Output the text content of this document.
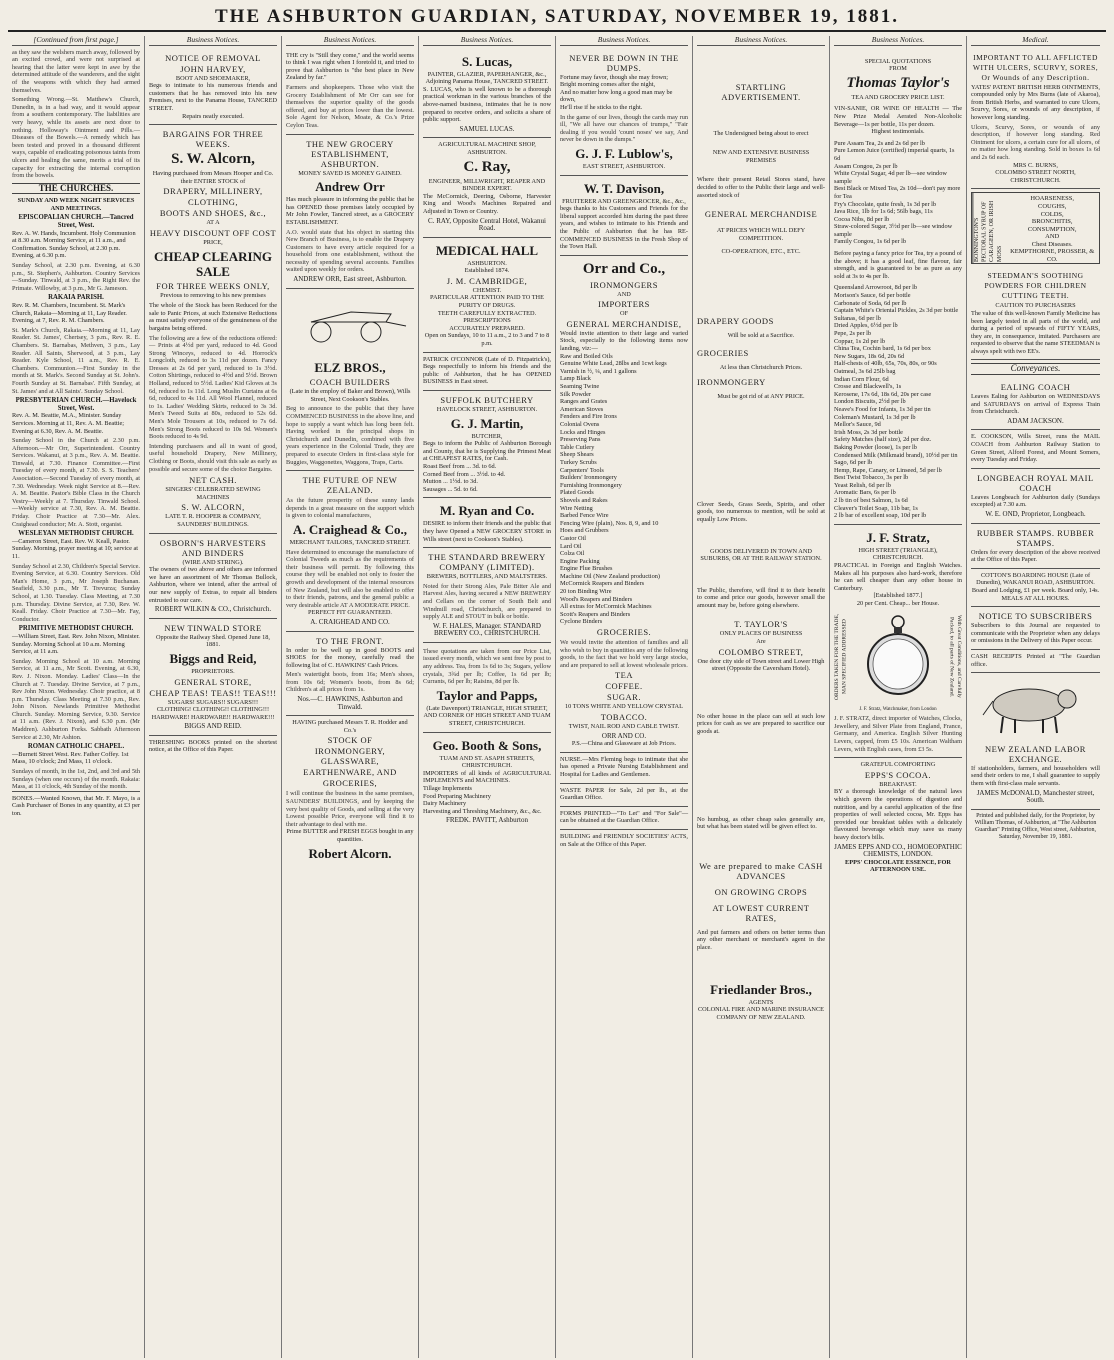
THE ASHBURTON GUARDIAN, SATURDAY, NOVEMBER 19, 1881.
[Continued from first page.]
as they saw the welshers march away, followed by an excited crowd, and were not surprised at hearing that the latter were kept in awe by the determined attitude of the wanderers, and the sight of the weapons with which they had armed themselves.
Something Wrong.—St. Matthew's Church, Dunedin, is in a bad way, and it would appear from a southern contemporary. The liabilities are very heavy, while its assets are next door to nothing. Holloway's Ointment and Pills.—Diseases of the Bowels.—A remedy which has been tested and proved in a thousand different ways, capable of eradicating poisonous taints from ulcers and healing the same, merits a trial of its capacity for extracting the internal corruption from the bowels.
THE CHURCHES.
SUNDAY AND WEEK NIGHT SERVICES AND MEETINGS.
EPISCOPALIAN CHURCH.—Tancred Street, West.
Rev. A. W. Hands, Incumbent. Holy Communion at 8.30 a.m. Morning Service, at 11 a.m., and Confirmation. Sunday School, at 2.30 p.m. Evening, at 6.30 p.m.
Sunday School, at 2.30 p.m. Evening, at 6.30 p.m., St. Stephen's, Ashburton. Country Services—Sunday. Tinwald, at 3 p.m., the Right Rev. the Primate. Willowby, at 3 p.m., Mr G. Jameson.
RAKAIA PARISH.
Rev. R. M. Chambers, Incumbent. St. Mark's Church, Rakaia—Morning at 11, Lay Reader. Evening, at 7, Rev. R. M. Chambers.
St. Mark's Church, Rakaia.—Morning at 11, Lay Reader. St. James', Chertsey, 3 p.m., Rev. R. E. Chambers. St. Barnabas, Methven, 3 p.m., Lay Reader. All Saints, Sherwood, at 3 p.m., Lay Reader. Kyle School, 11 a.m., Rev. R. E. Chambers. Communion.—First Sunday in the month at St. Mark's. Second Sunday at St. John's. Fourth Sunday at St. Barnabas'. Fifth Sunday, at St. James' and at All Saints'. Sunday School.
PRESBYTERIAN CHURCH.—Havelock Street, West.
Rev. A. M. Beattie, M.A., Minister. Sunday Services. Morning at 11, Rev. A. M. Beattie; Evening at 6.30, Rev. A. M. Beattie.
Sunday School in the Church at 2.30 p.m. Afternoon.—Mr Orr, Superintendent. Country Services. Wakanui, at 3 p.m., Rev. A. M. Beattie. Tinwald, at 7.30. Finance Committee.—First Tuesday of every month, at 7.30. S. S. Teachers' Association.—Second Tuesday of every month, at 7.30. Wednesday. Week night Service at 8.—Rev. A. M. Beattie. Pastor's Bible Class in the Church Vestry—Weekly at 7. Thursday. Tinwald School.—Weekly service at 7.30, Rev. A. M. Beattie. Friday. Choir Practice at 7.30—Mr. Alex. Craighead conductor; Mr. A. Stott, organist.
WESLEYAN METHODIST CHURCH.
—Cameron Street, East. Rev. W. Keall, Pastor. Sunday. Morning, prayer meeting at 10; service at 11.
Sunday School at 2.30, Children's Special Service. Evening Service, at 6.30. Country Services. Old Man's Home, 3 p.m., Mr Joseph Buchanan. Seafield, 3.30 p.m., Mr T. Trevurza; Sunday School, at 1.30. Tuesday. Class Meeting, at 7.30 p.m. Thursday. Divine Service, at 7.30, Rev. W. Keall. Friday. Choir Practice at 7.30—Mr. Fay, Conductor.
PRIMITIVE METHODIST CHURCH.
—William Street, East. Rev. John Nixon, Minister. Sunday. Morning School at 10 a.m. Morning Service, at 11 a.m.
Sunday. Morning School at 10 a.m. Morning Service, at 11 a.m., Mr Scott. Evening, at 6.30, Rev. J. Nixon. Monday. Ladies' Class—In the Church at 7. Tuesday. Divine Service, at 7 p.m., Rev John Nixon. Wednesday. Choir practice, at 8 p.m. Thursday. Class Meeting at 7.30 p.m., Rev. John Nixon. Newlands Primitive Methodist Church. Sunday. Morning Service, 9.30. Service at 11 a.m. (Rev. J. Nixon), and 6.30 p.m. (Mr Maddren). Ashburton Forks. Sabbath Afternoon Service at 2.30, Mr Ashton.
ROMAN CATHOLIC CHAPEL.
—Burnett Street West. Rev. Father Coffey. 1st Mass, 10 o'clock; 2nd Mass, 11 o'clock.
Sundays of month, in the 1st, 2nd, and 3rd and 5th Sundays (when one occurs) of the month. Rakaia: Mass, at 11 o'clock, 4th Sunday of the month.
BONES.—Wanted Known, that Mr. F. Mayo, is a Cash Purchaser of Bones in any quantity, at £3 per ton.
Business Notices.
NOTICE OF REMOVAL
JOHN HARVEY,
BOOT AND SHOEMAKER,
Begs to intimate to his numerous friends and customers that he has removed into his new Premises, next to the Panama House, TANCRED STREET.
Repairs neatly executed.
BARGAINS FOR THREE WEEKS.
S. W. Alcorn,
Having purchased from Messrs Hooper and Co. their ENTIRE STOCK of
DRAPERY, MILLINERY,
CLOTHING,
BOOTS AND SHOES, &c.,
AT A
HEAVY DISCOUNT OFF COST
PRICE,
CHEAP CLEARING SALE
FOR THREE WEEKS ONLY,
Previous to removing to his new premises
The whole of the Stock has been Reduced for the sale to Panic Prices, at such Extensive Reductions as must satisfy everyone of the genuineness of the bargains being offered.
The following are a few of the reductions offered:— Prints at 4½d per yard, reduced to 4d. Good Strong Winceys, reduced to 4d. Horrock's Longcloth, reduced to 3s 11d per dozen. Fancy Dresses at 2s 6d per yard, reduced to 1s 3½d. Cotton Shirtings, reduced to 4½d and 5½d. Brown Holland, reduced to 5½d. Ladies' Kid Gloves at 3s 6d, reduced to 1s 11d. Long Muslin Curtains at 6s 6d, reduced to 4s 11d. All Wool Flannel, reduced to 1s. Ladies' Wedding Skirts, reduced to 3s 3d. Men's Tweed Suits at 80s, reduced to 52s 6d. Men's Mole Trousers at 10s, reduced to 7s 6d. Men's Strong Boots reduced to 10s 9d. Women's Boots reduced to 4s 9d.
Intending purchasers and all in want of good, useful household Drapery, New Millinery, Clothing or Boots, should visit this sale as early as possible and secure some of the choice Bargains.
NET CASH.
SINGERS' CELEBRATED SEWING MACHINES
S. W. ALCORN,
LATE T. R. HOOPER & COMPANY, SAUNDERS' BUILDINGS.
OSBORN'S HARVESTERS AND BINDERS
(WIRE AND STRING).
The owners of two above and others are informed we have an assortment of Mr Thomas Bullock, Ashburton, where we intend, after the arrival of our new supply of Extras, to repair all binders entrusted to our care.
ROBERT WILKIN & CO., Christchurch.
NEW TINWALD STORE
Opposite the Railway Shed. Opened June 18, 1881.
Biggs and Reid,
PROPRIETORS.
GENERAL STORE,
CHEAP TEAS! TEAS!! TEAS!!!
SUGARS! SUGARS!! SUGARS!!!
CLOTHING! CLOTHING!! CLOTHING!!!
HARDWARE! HARDWARE!! HARDWARE!!!
BIGGS AND REID.
THRESHING BOOKS printed on the shortest notice, at the Office of this Paper.
Business Notices.
THE cry is "Still they come," and the world seems to think I was right when I foretold it, and tried to prove that Ashburton is "the best place in New Zealand by far."
Farmers and shopkeepers. Those who visit the Grocery Establishment of Mr Orr can see for themselves the superior quality of the goods offered, and buy at prices lower than the lowest. Sole Agent for Nelson, Moate, & Co.'s Prize Ceylon Teas.
THE NEW GROCERY ESTABLISHMENT, ASHBURTON.
MONEY SAVED IS MONEY GAINED.
Andrew Orr
Has much pleasure in informing the public that he has OPENED those premises lately occupied by Mr John Fowler, Tancred street, as a GROCERY ESTABLISHMENT.
A.O. would state that his object in starting this New Branch of Business, is to enable the Drapery Customers to have every article required for a household from one establishment, without the necessity of spending several accounts. Families waited upon weekly for orders.
ANDREW ORR, East street, Ashburton.
ELZ BROS.,
COACH BUILDERS
(Late in the employ of Baker and Brown), Wills Street, Next Cookson's Stables.
Beg to announce to the public that they have COMMENCED BUSINESS in the above line, and hope to supply a want which has long been felt. Having worked in the principal shops in Christchurch and Dunedin, combined with five years experience in the Colonial Trade, they are prepared to execute Orders in first-class style for Buggies, Waggonettes, Waggons, Traps, Carts.
THE FUTURE OF NEW ZEALAND.
As the future prosperity of these sunny lands depends in a great measure on the support which is given to colonial manufactures,
A. Craighead & Co.,
MERCHANT TAILORS, TANCRED STREET.
Have determined to encourage the manufacture of Colonial Tweeds as much as the requirements of their business will permit. By following this course they will be enabled not only to foster the growth and development of the internal resources of New Zealand, but will also be enabled to offer to their friends, patrons, and the general public a very desirable article AT A MODERATE PRICE.
PERFECT FIT GUARANTEED.
A. CRAIGHEAD AND CO.
TO THE FRONT.
In order to be well up in good BOOTS and SHOES for the money, carefully read the following list of C. HAWKINS' Cash Prices.
Men's watertight boots, from 16s; Men's shoes, from 10s 6d; Women's boots, from 8s 6d; Children's at all prices from 1s.
Nos.—C. HAWKINS, Ashburton and Tinwald.
HAVING purchased Messrs T. R. Hodder and Co.'s
STOCK OF
IRONMONGERY, GLASSWARE,
EARTHENWARE, AND
GROCERIES,
I will continue the business in the same premises, SAUNDERS' BUILDINGS, and by keeping the very best quality of Goods, and selling at the very Lowest possible Price, everyone will find it to their advantage to deal with me.
Prime BUTTER and FRESH EGGS bought in any quantities.
Robert Alcorn.
Business Notices.
S. Lucas,
PAINTER, GLAZIER, PAPERHANGER, &c.,
Adjoining Panama House, TANCRED STREET.
S. LUCAS, who is well known to be a thorough practical workman in the various branches of the above-named business, intimates that he is now prepared to receive orders, and solicits a share of public support.
SAMUEL LUCAS.
AGRICULTURAL MACHINE SHOP, ASHBURTON.
C. Ray,
ENGINEER, MILLWRIGHT, REAPER AND BINDER EXPERT.
The McCormick, Deering, Osborne, Harvester King and Wood's Machines Repaired and Adjusted in Town or Country.
C. RAY, Opposite Central Hotel, Wakanui Road.
MEDICAL HALL
ASHBURTON.
Established 1874.
J. M. CAMBRIDGE,
CHEMIST.
PARTICULAR ATTENTION PAID TO THE PURITY OF DRUGS.
TEETH CAREFULLY EXTRACTED.
PRESCRIPTIONS
ACCURATELY PREPARED.
Open on Sundays, 10 to 11 a.m., 2 to 3 and 7 to 8 p.m.
PATRICK O'CONNOR (Late of D. Fitzpatrick's), Begs respectfully to inform his friends and the public of Ashburton, that he has OPENED BUSINESS in East street.
SUFFOLK BUTCHERY
HAVELOCK STREET, ASHBURTON.
G. J. Martin,
BUTCHER,
Begs to inform the Public of Ashburton Borough and County, that he is Supplying the Primest Meat at CHEAPEST RATES, for Cash.
Roast Beef from ... 3d. to 6d.
Corned Beef from ... 3½d. to 4d.
Mutton ... 1½d. to 3d.
Sausages ... 5d. to 6d.
M. Ryan and Co.
DESIRE to inform their friends and the public that they have Opened a NEW GROCERY STORE in Wills street (next to Cookson's Stables).
THE STANDARD BREWERY COMPANY (LIMITED).
BREWERS, BOTTLERS, AND MALTSTERS.
Noted for their Strong Ales, Pale Bitter Ale and Harvest Ales, having secured a NEW BREWERY and Cellars on the corner of South Belt and Windmill road, Christchurch, are prepared to supply ALE and STOUT in bulk or bottle.
W. F. HALES, Manager. STANDARD BREWERY CO., CHRISTCHURCH.
These quotations are taken from our Price List, issued every month, which we sent free by post to any address. Tea, from 1s 6d to 3s; Sugars, yellow crystals, 3¾d per lb; Coffee, 1s 6d per lb; Currants, 6d per lb; Raisins, 8d per lb.
Taylor and Papps,
(Late Davenport) TRIANGLE, HIGH STREET, AND CORNER OF HIGH STREET AND TUAM STREET, CHRISTCHURCH.
Geo. Booth & Sons,
TUAM AND ST. ASAPH STREETS, CHRISTCHURCH.
IMPORTERS of all kinds of AGRICULTURAL IMPLEMENTS and MACHINES.
Tillage Implements
Food Preparing Machinery
Dairy Machinery
Harvesting and Threshing Machinery, &c., &c.
FREDK. PAVITT, Ashburton
Business Notices.
NEVER BE DOWN IN THE DUMPS.
Fortune may favor, though she may frown;
Bright morning comes after the night,
And no matter how long a good man may be down,
He'll rise if he sticks to the right.
In the game of our lives, though the cards may run ill, "We all have our chances of trumps," "Fair dealing if you would 'count noses' we say, And never be down in the dumps."
G. J. F. Lublow's,
EAST STREET, ASHBURTON.
W. T. Davison,
FRUITERER AND GREENGROCER, &c., &c.,
begs thanks to his Customers and Friends for the liberal support accorded him during the past three years, and wishes to intimate to his Friends and the Public of Ashburton that he has RE-COMMENCED BUSINESS in the Fresh Shop of the Town Hall.
Orr and Co.,
IRONMONGERS
AND
IMPORTERS
OF
GENERAL MERCHANDISE,
Would invite attention to their large and varied Stock, especially to the following items now landing, viz:—
Raw and Boiled Oils
Genuine White Lead, 28lbs and 1cwt kegs
Varnish in ½, ¼, and 1 gallons
Lamp Black
Seaming Twine
Silk Powder
Ranges and Grates
American Stoves
Fenders and Fire Irons
Colonial Ovens
Locks and Hinges
Preserving Pans
Table Cutlery
Sheep Shears
Turkey Scrubs
Carpenters' Tools
Builders' Ironmongery
Furnishing Ironmongery
Plated Goods
Shovels and Rakes
Wire Netting
Barbed Fence Wire
Fencing Wire (plain), Nos. 8, 9, and 10
Hoes and Grubbers
Castor Oil
Lard Oil
Colza Oil
Engine Packing
Engine Flue Brushes
Machine Oil (New Zealand production)
McCormick Reapers and Binders
20 ton Binding Wire
Wood's Reapers and Binders
All extras for McCormick Machines
Scott's Reapers and Binders
Cyclone Binders
GROCERIES.
We would invite the attention of families and all who wish to buy in quantities any of the following goods, to the fact that we hold very large stocks, and are prepared to sell at lowest wholesale prices.
TEA
COFFEE.
SUGAR.
10 TONS WHITE AND YELLOW CRYSTAL
TOBACCO.
TWIST, NAIL ROD AND CABLE TWIST.
ORR AND CO.
P.S.—China and Glassware at Job Prices.
NURSE.—Mrs Fleming begs to intimate that she has opened a Private Nursing Establishment and Hospital for Ladies and Gentlemen.
WASTE PAPER for Sale, 2d per lb., at the Guardian Office.
FORMS PRINTED—"To Let" and "For Sale"—can be obtained at the Guardian Office.
BUILDING and FRIENDLY SOCIETIES' ACTS, on Sale at the Office of this Paper.
Business Notices.
STARTLING ADVERTISEMENT.
The Undersigned being about to erect
NEW AND EXTENSIVE BUSINESS PREMISES
Where their present Retail Stores stand, have decided to offer to the Public their large and well-assorted stock of
GENERAL MERCHANDISE
AT PRICES WHICH WILL DEFY COMPETITION.
CO-OPERATION, ETC., ETC.
DRAPERY GOODS
Will be sold at a Sacrifice.
GROCERIES
At less than Christchurch Prices.
IRONMONGERY
Must be got rid of at ANY PRICE.
Clover Seeds, Grass Seeds, Spirits, and other goods, too numerous to mention, will be sold at equally Low Prices.
GOODS DELIVERED IN TOWN AND SUBURBS, OR AT THE RAILWAY STATION.
The Public, therefore, will find it to their benefit to come and price our goods, however small the amount may be, before going elsewhere.
T. TAYLOR'S
ONLY PLACES OF BUSINESS
Are
COLOMBO STREET,
One door city side of Town street and Lower High street (Opposite the Caversham Hotel).
No other house in the place can sell at such low prices for cash as we are prepared to sacrifice our goods at.
No humbug, as other cheap sales generally are, but what has been stated will be given effect to.
We are prepared to make CASH ADVANCES
ON GROWING CROPS
AT LOWEST CURRENT RATES,
And put farmers and others on better terms than any other merchant or merchant's agent in the place.
Friedlander Bros.,
AGENTS
COLONIAL FIRE AND MARINE INSURANCE COMPANY OF NEW ZEALAND.
Business Notices.
SPECIAL QUOTATIONS
FROM
Thomas Taylor's
TEA AND GROCERY PRICE LIST.
VIN-SANIE, OR WINE OF HEALTH — The New Prize Medal Aerated Non-Alcoholic Beverage—1s per bottle, 11s per dozen.
Highest testimonials.
Pure Assam Tea, 2s and 2s 6d per lb
Pure Lemon Juice (certified) imperial quarts, 1s 6d
Assam Congou, 2s per lb
White Crystal Sugar, 4d per lb—see window sample
Best Black or Mixed Tea, 2s 10d—don't pay more for Tea
Fry's Chocolate, quite fresh, 1s 3d per lb
Java Rice, 1lb for 1s 6d; 56lb bags, 11s
Cocoa Nibs, 8d per lb
Straw-colored Sugar, 3½d per lb—see window sample
Family Congou, 1s 6d per lb
Before paying a fancy price for Tea, try a pound of the above; it has a good leaf, fine flavour, fair strength, and is guaranteed to be as pure as any sold at 3s to 4s per lb.
Queensland Arrowroot, 8d per lb
Morison's Sauce, 6d per bottle
Carbonate of Soda, 6d per lb
Captain White's Oriental Pickles, 2s 3d per bottle
Sultanas, 6d per lb
Dried Apples, 6½d per lb
Pepe, 2s per lb
Coppar, 1s 2d per lb
China Tea, Cochin bard, 1s 6d per box
New Sugars, 18s 6d, 20s 6d
Half-chests of 40lb, 65s, 70s, 80s, or 90s
Oatmeal, 3s 6d 25lb bag
Indian Corn Flour, 6d
Crosse and Blackwell's, 1s
Kerosene, 17s 6d, 18s 6d, 20s per case
London Biscuits, 2½d per lb
Neave's Food for Infants, 1s 3d per tin
Coleman's Mustard, 1s 3d per lb
Mellor's Sauce, 9d
Irish Moss, 2s 3d per bottle
Safety Matches (half size), 2d per doz.
Baking Powder (loose), 1s per lb
Condensed Milk (Milkmaid brand), 10½d per tin
Sago, 6d per lb
Hemp, Rape, Canary, or Linseed, 5d per lb
Best Twist Tobacco, 3s per lb
Yeast Relish, 6d per lb
Aromatic Bars, 6s per lb
2 lb tin of best Salmon, 1s 6d
Cleaver's Toilet Soap, 11b bar, 1s
2 lb bar of excellent soap, 10d per lb
J. F. Stratz,
HIGH STREET (TRIANGLE), CHRISTCHURCH.
PRACTICAL in Foreign and English Watches. Makes all his purposes also hard-work, therefore he can sell cheaper than any other house in Canterbury.
[Established 1877.]
20 per Cent. Cheap... ber House.
ORDERS TAKEN FOR THE TRADE, MAN SPECIFIED ADDRESSED	With Great Conditions, and Carefully Packed, to all parts of New Zealand.
J. F. Stratz, Watchmaker, from London
J. F. STRATZ, direct importer of Watches, Clocks, Jewellery, and Silver Plate from England, France, Germany, and America. English Silver Hunting Levers, capped, from £5 10s. American Waltham Levers, with English cases, from £3 5s.
GRATEFUL COMFORTING
EPPS'S COCOA.
BREAKFAST.
BY a thorough knowledge of the natural laws which govern the operations of digestion and nutrition, and by a careful application of the fine properties of well selected cocoa, Mr. Epps has provided our breakfast tables with a delicately flavoured beverage which may save us many heavy doctor's bills.
JAMES EPPS AND CO., HOMOEOPATHIC CHEMISTS, LONDON.
EPPS' CHOCOLATE ESSENCE, FOR AFTERNOON USE.
Medical.
IMPORTANT TO ALL AFFLICTED WITH ULCERS, SCURVY, SORES, Or Wounds of any Description.
YATES' PATENT BRITISH HERB OINTMENTS, compounded only by Mrs Burns (late of Akaroa), from British Herbs, and warranted to cure Ulcers, Scurvy, Sores, or wounds of any description, if however long standing.
Ulcers, Scurvy, Sores, or wounds of any description, if however long standing. Red Ointment for ulcers, a certain cure for all ulcers, of no matter how long standing. Sold in boxes 1s 6d and 2s 6d each.
MRS C. BURNS,
COLOMBO STREET NORTH, CHRISTCHURCH.
BONNINGTON'S PECTORAL SYRUP OF CARAGEEN, OR IRISH MOSS
HOARSENESS,
COUGHS,
COLDS,
BRONCHITIS,
CONSUMPTION,
AND
Chest Diseases.
KEMPTHORNE, PROSSER, & CO.
STEEDMAN'S SOOTHING POWDERS FOR CHILDREN CUTTING TEETH.
CAUTION TO PURCHASERS
The value of this well-known Family Medicine has been largely tested in all parts of the world, and during a period of upwards of FIFTY YEARS, they are, in consequence, imitated. Purchasers are requested to observe that the name STEEDMAN is always spelt with two EE's.
Conveyances.
EALING COACH
Leaves Ealing for Ashburton on WEDNESDAYS and SATURDAYS on arrival of Express Train from Christchurch.
ADAM JACKSON.
E. COOKSON, Wills Street, runs the MAIL COACH from Ashburton Railway Station to Green Street, Alford Forest, and Mount Somers, every Tuesday and Friday.
LONGBEACH ROYAL MAIL COACH
Leaves Longbeach for Ashburton daily (Sundays excepted) at 7.30 a.m.
W. E. OND, Proprietor, Longbeach.
RUBBER STAMPS. RUBBER STAMPS.
Orders for every description of the above received at the Office of this Paper.
COTTON'S BOARDING HOUSE (Late of Dunedin), WAKANUI ROAD, ASHBURTON.
Board and Lodging, £1 per week. Board only, 14s.
MEALS AT ALL HOURS.
NOTICE TO SUBSCRIBERS
Subscribers to this Journal are requested to communicate with the Proprietor when any delays or omissions in the Delivery of this Paper occur.
CASH RECEIPTS Printed at "The Guardian office.
NEW ZEALAND LABOR EXCHANGE.
If stationholders, farmers, and householders will send their orders to me, I shall guarantee to supply them with first-class male servants.
JAMES McDONALD, Manchester street, South.
Printed and published daily, for the Proprietor, by William Thomas, of Ashburton, at "The Ashburton Guardian" Printing Office, West street, Ashburton, Saturday, November 19, 1881.
